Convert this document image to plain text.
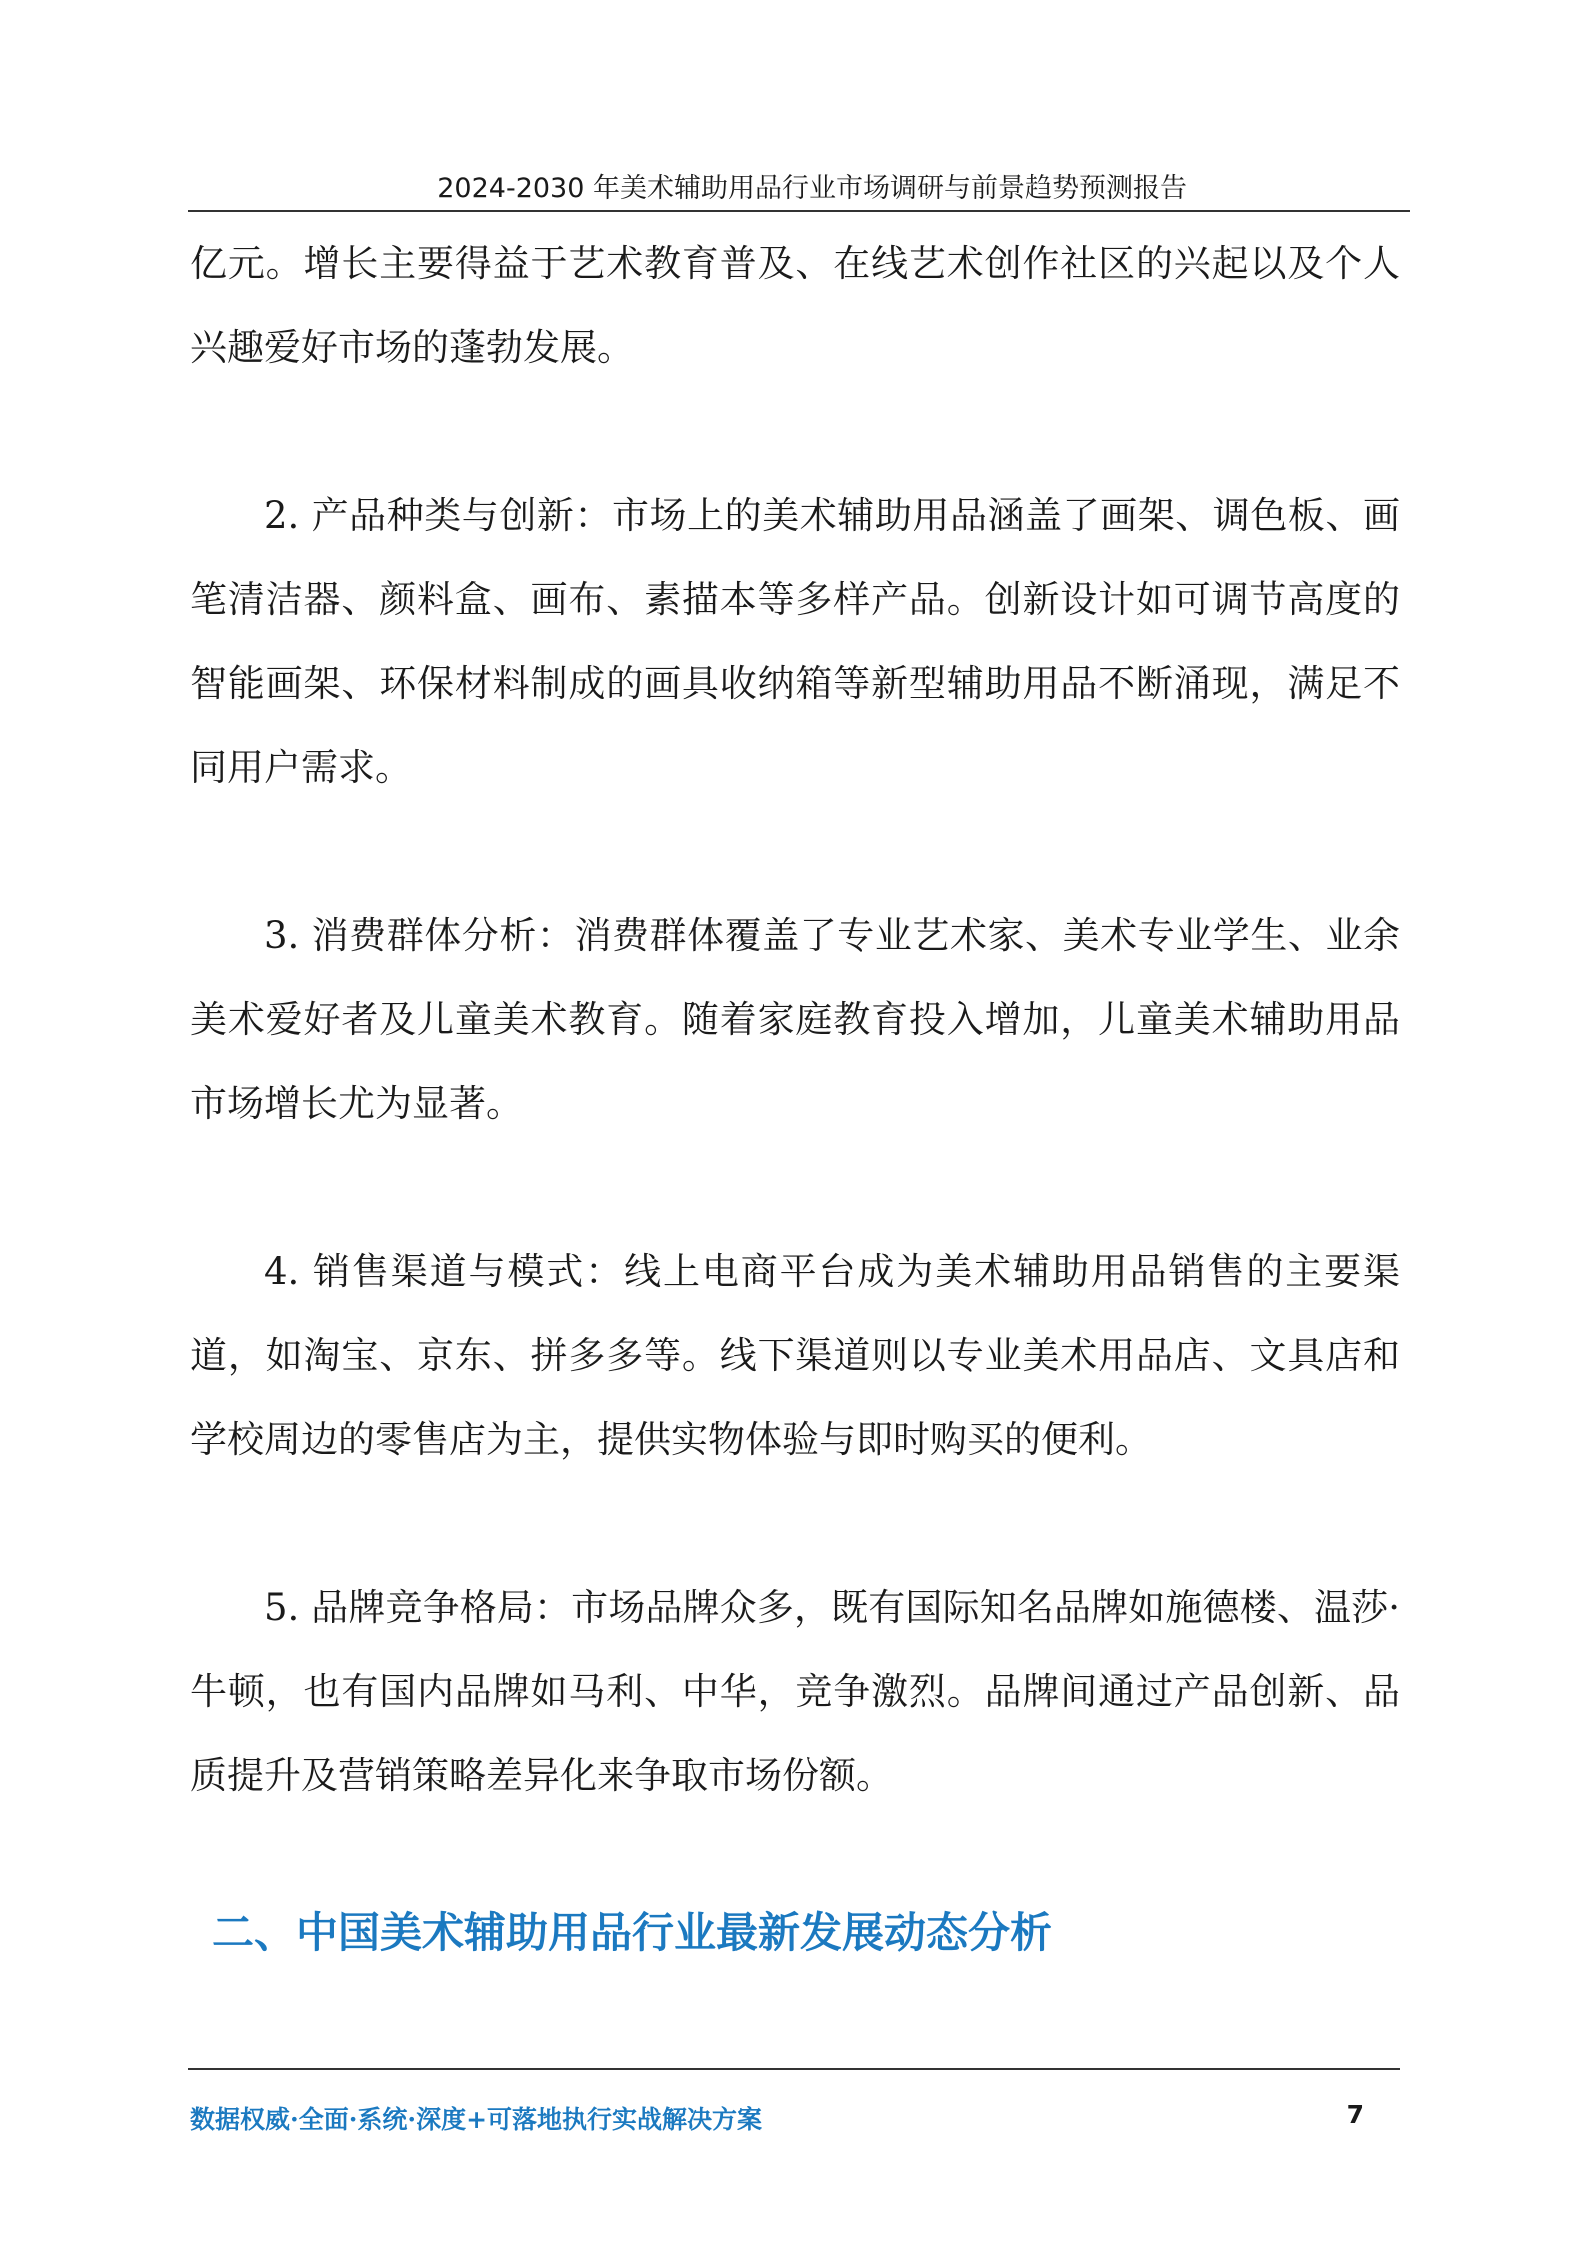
2024-2030 年美术辅助用品行业市场调研与前景趋势预测报告

亿元。增长主要得益于艺术教育普及、在线艺术创作社区的兴起以及个人兴趣爱好市场的蓬勃发展。

2. 产品种类与创新：市场上的美术辅助用品涵盖了画架、调色板、画笔清洁器、颜料盒、画布、素描本等多样产品。创新设计如可调节高度的智能画架、环保材料制成的画具收纳箱等新型辅助用品不断涌现，满足不同用户需求。

3. 消费群体分析：消费群体覆盖了专业艺术家、美术专业学生、业余美术爱好者及儿童美术教育。随着家庭教育投入增加，儿童美术辅助用品市场增长尤为显著。

4. 销售渠道与模式：线上电商平台成为美术辅助用品销售的主要渠道，如淘宝、京东、拼多多等。线下渠道则以专业美术用品店、文具店和学校周边的零售店为主，提供实物体验与即时购买的便利。

5. 品牌竞争格局：市场品牌众多，既有国际知名品牌如施德楼、温莎·牛顿，也有国内品牌如马利、中华，竞争激烈。品牌间通过产品创新、品质提升及营销策略差异化来争取市场份额。

二、中国美术辅助用品行业最新发展动态分析
数据权威·全面·系统·深度+可落地执行实战解决方案	7
